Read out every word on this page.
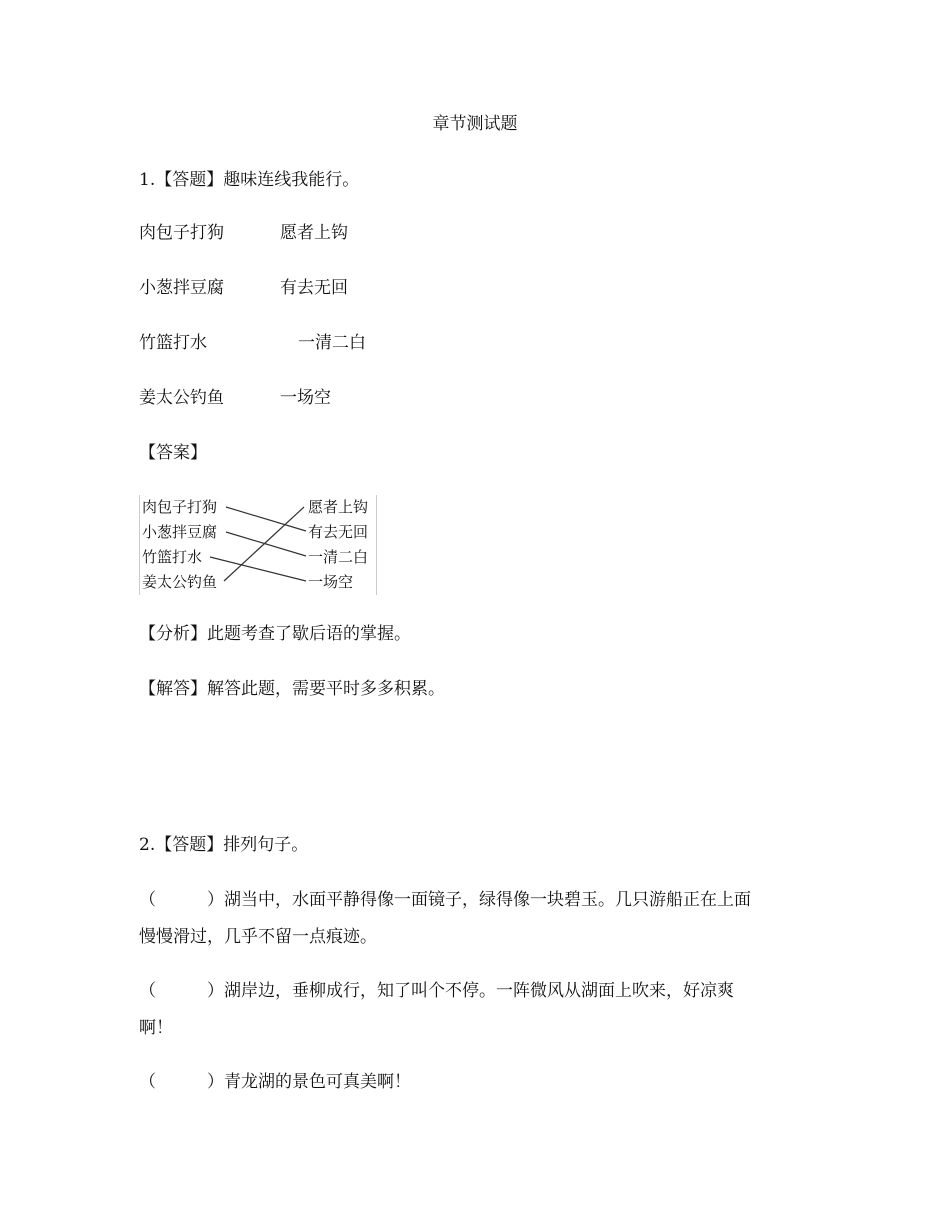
章节测试题
1.【答题】趣味连线我能行。
肉包子打狗	愿者上钩
小葱拌豆腐	有去无回
竹篮打水	一清二白
姜太公钓鱼	一场空
【答案】
肉包子打狗
小葱拌豆腐
竹篮打水
姜太公钓鱼
愿者上钩
有去无回
一清二白
一场空
【分析】此题考查了歇后语的掌握。
【解答】解答此题，需要平时多多积累。
2.【答题】排列句子。
（　　　）湖当中，水面平静得像一面镜子，绿得像一块碧玉。几只游船正在上面
慢慢滑过，几乎不留一点痕迹。
（　　　）湖岸边，垂柳成行，知了叫个不停。一阵微风从湖面上吹来，好凉爽
啊！
（　　　）青龙湖的景色可真美啊！
